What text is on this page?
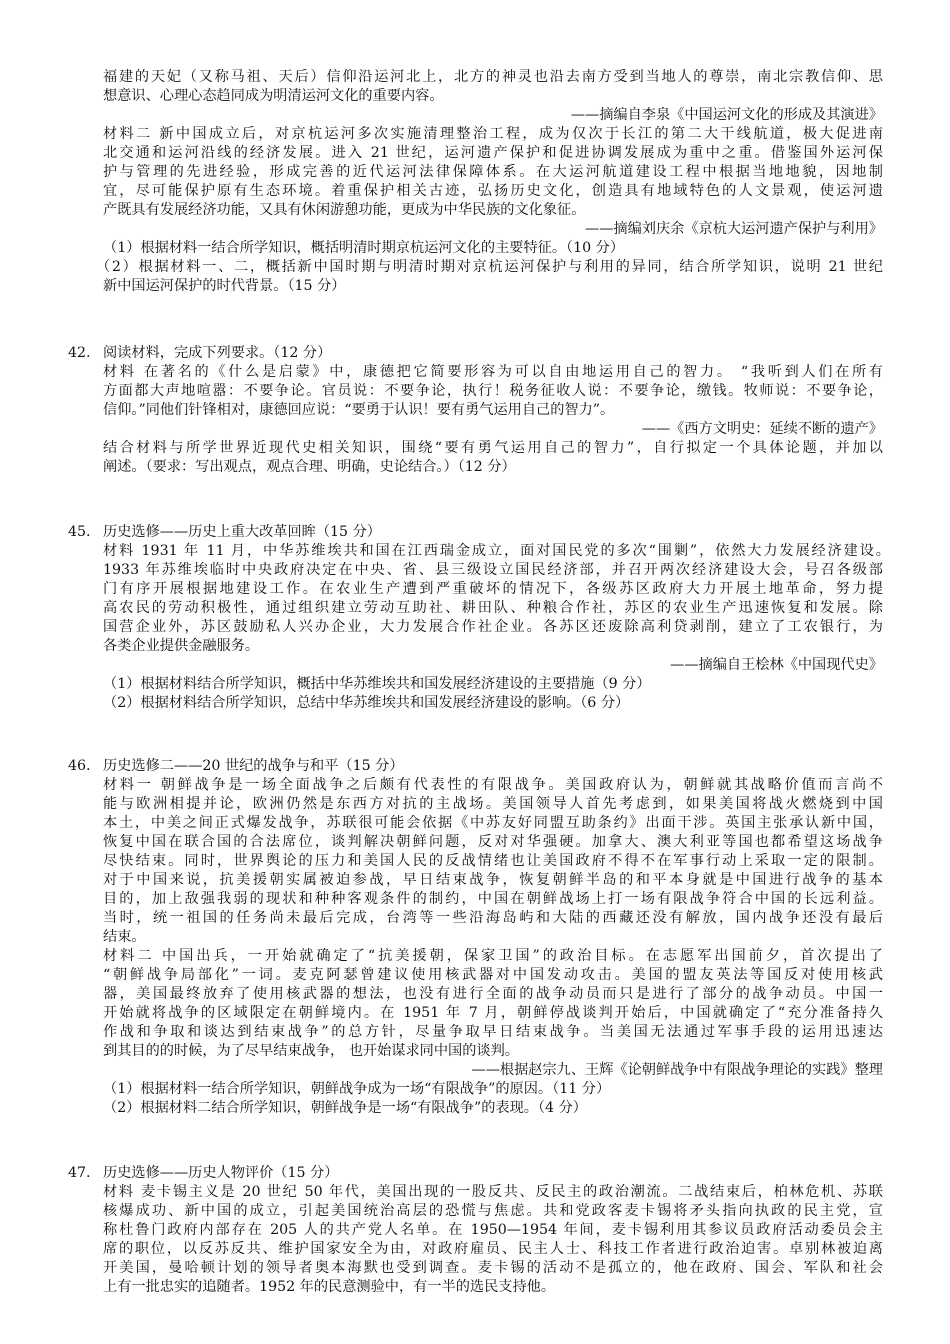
福建的天妃（又称马祖、天后）信仰沿运河北上，北方的神灵也沿去南方受到当地人的尊崇，南北宗教信仰、思
想意识、心理心态趋同成为明清运河文化的重要内容。
——摘编自李泉《中国运河文化的形成及其演进》
材料二 新中国成立后，对京杭运河多次实施清理整治工程，成为仅次于长江的第二大干线航道，极大促进南
北交通和运河沿线的经济发展。进入 21 世纪，运河遗产保护和促进协调发展成为重中之重。借鉴国外运河保
护与管理的先进经验，形成完善的近代运河法律保障体系。在大运河航道建设工程中根据当地地貌，因地制
宜，尽可能保护原有生态环境。着重保护相关古迹，弘扬历史文化，创造具有地域特色的人文景观，使运河遗
产既具有发展经济功能，又具有休闲游憩功能，更成为中华民族的文化象征。
——摘编刘庆余《京杭大运河遗产保护与利用》
（1）根据材料一结合所学知识，概括明清时期京杭运河文化的主要特征。（10 分）
（2）根据材料一、二，概括新中国时期与明清时期对京杭运河保护与利用的异同，结合所学知识，说明 21 世纪
新中国运河保护的时代背景。（15 分）
42. 阅读材料，完成下列要求。（12 分）
材料 在著名的《什么是启蒙》中，康德把它简要形容为可以自由地运用自己的智力。 “我听到人们在所有
方面都大声地喧嚣：不要争论。官员说：不要争论，执行！税务征收人说：不要争论，缴钱。牧师说：不要争论，
信仰。”同他们针锋相对，康德回应说：“要勇于认识！要有勇气运用自己的智力”。
——《西方文明史：延续不断的遗产》
结合材料与所学世界近现代史相关知识，围绕“要有勇气运用自己的智力”，自行拟定一个具体论题，并加以
阐述。（要求：写出观点，观点合理、明确，史论结合。）（12 分）
45. 历史选修——历史上重大改革回眸（15 分）
材料 1931 年 11 月，中华苏维埃共和国在江西瑞金成立，面对国民党的多次“围剿”，依然大力发展经济建设。
1933 年苏维埃临时中央政府决定在中央、省、县三级设立国民经济部，并召开两次经济建设大会，号召各级部
门有序开展根据地建设工作。在农业生产遭到严重破坏的情况下，各级苏区政府大力开展土地革命，努力提
高农民的劳动积极性，通过组织建立劳动互助社、耕田队、种粮合作社，苏区的农业生产迅速恢复和发展。除
国营企业外，苏区鼓励私人兴办企业，大力发展合作社企业。各苏区还废除高利贷剥削，建立了工农银行，为
各类企业提供金融服务。
——摘编自王桧林《中国现代史》
（1）根据材料结合所学知识，概括中华苏维埃共和国发展经济建设的主要措施（9 分）
（2）根据材料结合所学知识，总结中华苏维埃共和国发展经济建设的影响。（6 分）
46. 历史选修二——20 世纪的战争与和平（15 分）
材料一 朝鲜战争是一场全面战争之后颇有代表性的有限战争。美国政府认为，朝鲜就其战略价值而言尚不
能与欧洲相提并论，欧洲仍然是东西方对抗的主战场。美国领导人首先考虑到，如果美国将战火燃烧到中国
本土，中美之间正式爆发战争，苏联很可能会依据《中苏友好同盟互助条约》出面干涉。英国主张承认新中国，
恢复中国在联合国的合法席位，谈判解决朝鲜问题，反对对华强硬。加拿大、澳大利亚等国也都希望这场战争
尽快结束。同时，世界舆论的压力和美国人民的反战情绪也让美国政府不得不在军事行动上采取一定的限制。
对于中国来说，抗美援朝实属被迫参战，早日结束战争，恢复朝鲜半岛的和平本身就是中国进行战争的基本
目的，加上敌强我弱的现状和种种客观条件的制约，中国在朝鲜战场上打一场有限战争符合中国的长远利益。
当时，统一祖国的任务尚未最后完成，台湾等一些沿海岛屿和大陆的西藏还没有解放，国内战争还没有最后
结束。
材料二 中国出兵，一开始就确定了“抗美援朝，保家卫国”的政治目标。在志愿军出国前夕，首次提出了
“朝鲜战争局部化”一词。麦克阿瑟曾建议使用核武器对中国发动攻击。美国的盟友英法等国反对使用核武
器，美国最终放弃了使用核武器的想法，也没有进行全面的战争动员而只是进行了部分的战争动员。中国一
开始就将战争的区域限定在朝鲜境内。在 1951 年 7 月，朝鲜停战谈判开始后，中国就确定了“充分准备持久
作战和争取和谈达到结束战争”的总方针，尽量争取早日结束战争。当美国无法通过军事手段的运用迅速达
到其目的的时候，为了尽早结束战争， 也开始谋求同中国的谈判。
——根据赵宗九、王辉《论朝鲜战争中有限战争理论的实践》整理
（1）根据材料一结合所学知识，朝鲜战争成为一场“有限战争”的原因。（11 分）
（2）根据材料二结合所学知识，朝鲜战争是一场“有限战争”的表现。（4 分）
47. 历史选修——历史人物评价（15 分）
材料 麦卡锡主义是 20 世纪 50 年代，美国出现的一股反共、反民主的政治潮流。二战结束后，柏林危机、苏联
核爆成功、新中国的成立，引起美国统治高层的恐慌与焦虑。共和党政客麦卡锡将矛头指向执政的民主党，宣
称杜鲁门政府内部存在 205 人的共产党人名单。在 1950—1954 年间，麦卡锡利用其参议员政府活动委员会主
席的职位，以反苏反共、维护国家安全为由，对政府雇员、民主人士、科技工作者进行政治迫害。卓别林被迫离
开美国，曼哈顿计划的领导者奥本海默也受到调查。麦卡锡的活动不是孤立的，他在政府、国会、军队和社会
上有一批忠实的追随者。1952 年的民意测验中，有一半的选民支持他。
